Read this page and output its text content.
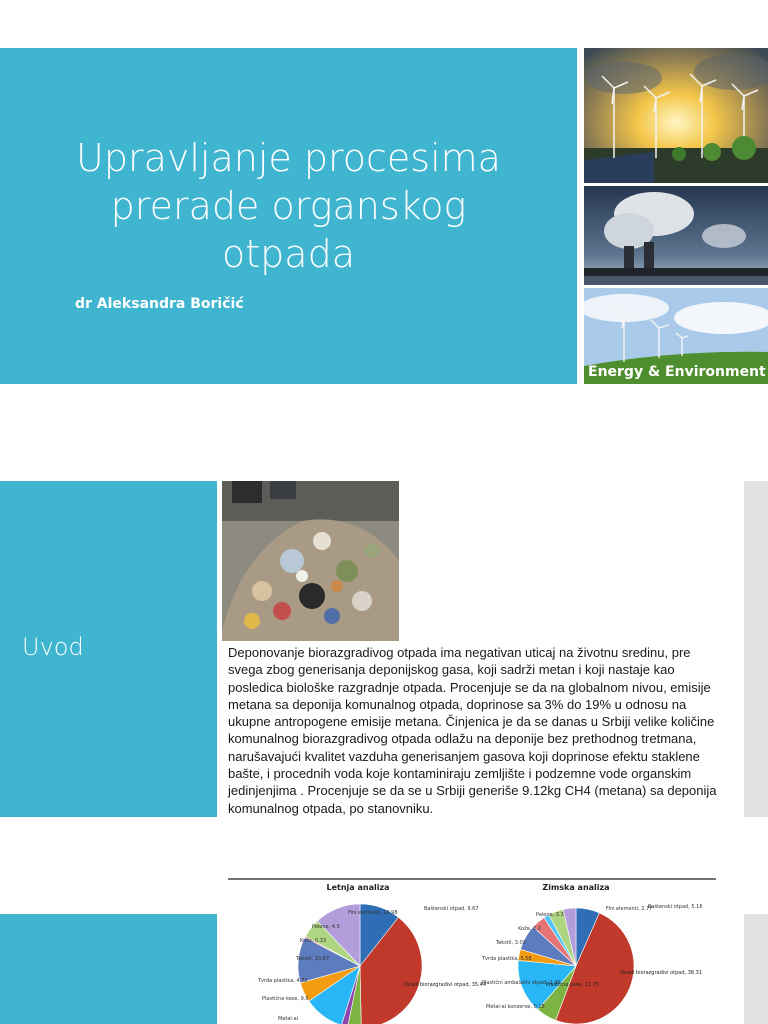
Upravljanje procesima
prerade organskog
otpada
dr Aleksandra Boričić
Energy & Environment
Uvod	Deponovanje biorazgradivog otpada ima negativan uticaj na životnu sredinu, pre svega zbog generisanja deponijskog gasa, koji sadrži metan i koji nastaje kao posledica biološke razgradnje otpada. Procenjuje se da na globalnom nivou, emisije metana sa deponija komunalnog otpada, doprinose sa 3% do 19% u odnosu na ukupne antropogene emisije metana. Činjenica je da se danas u Srbiji velike količine komunalnog biorazgradivog otpada odlažu na deponije bez prethodnog tretmana, narušavajući kvalitet vazduha generisanjem gasova koji doprinose efektu staklene bašte, i procednih voda koje kontaminiraju zemljište i podzemne vode organskim jedinjenjima . Procenjuje se da se u Srbiji generiše 9.12kg CH4 (metana) sa deponija komunalnog otpada, po stanovniku.
Letnja analiza	Zimska analiza
Fini elementi, 10.98
Baštenski otpad, 9.67
Pelene, 4.5
Koža, 0.33
Tekstil, 10.87
Tvrda plastika, 4.72
Plastične kese, 9.6
Metal-al
Ostali biorazgradivi otpad, 35.44
Fini elementi, 2.77
Baštenski otpad, 5.16
Pelene, 3.3
Koža, 0.2
Tekstil, 3.03
Tvrda plastika, 5.58
Plastični ambalažni otpad, 2.45
Metal-al konzerve, 0.15
Plastične kese, 11.75
Ostali biorazgradivi otpad, 38.31
